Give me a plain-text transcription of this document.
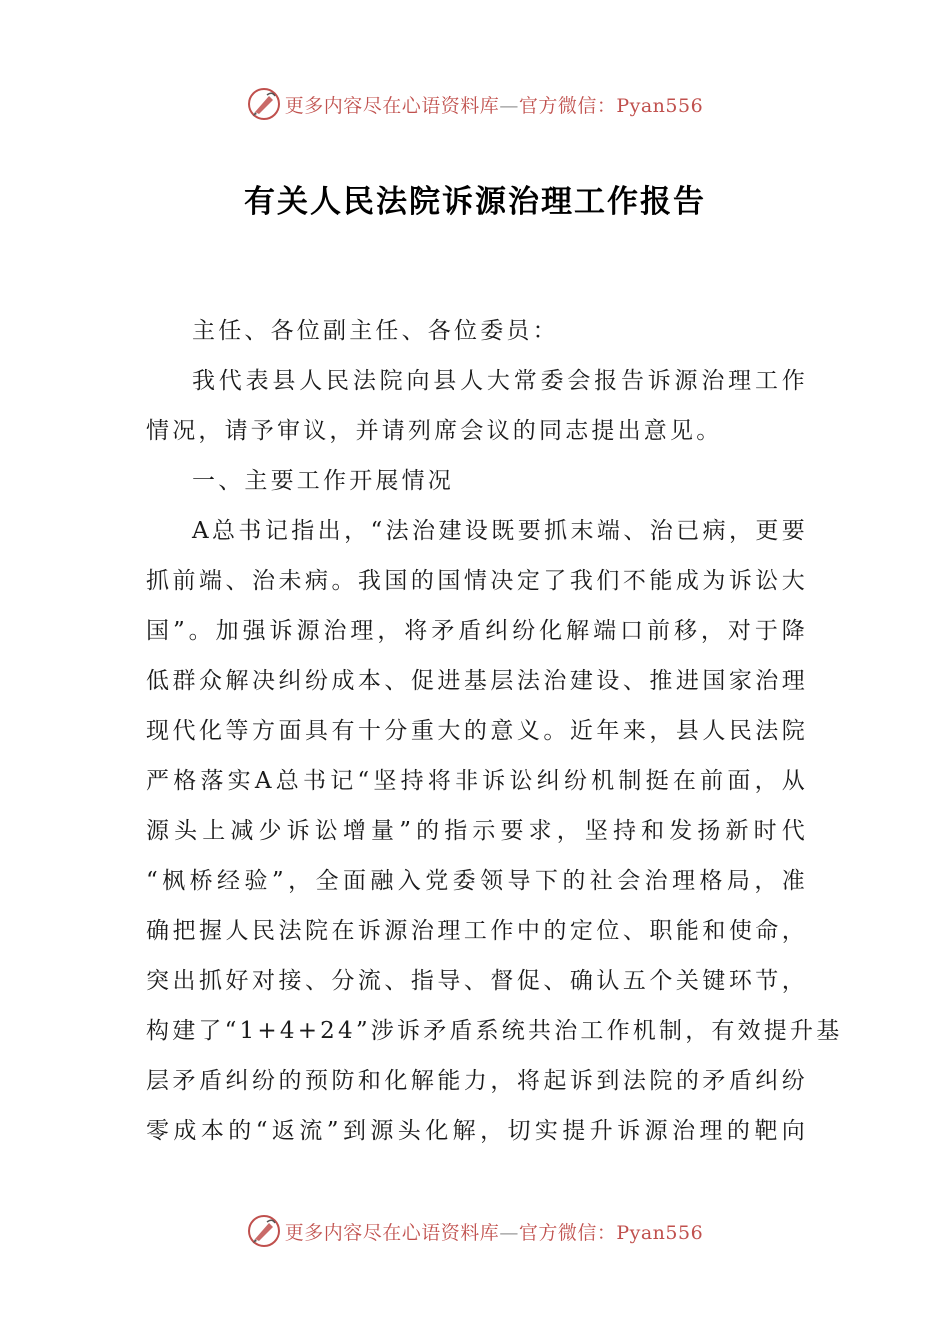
更多内容尽在心语资料库—官方微信：Pyan556
有关人民法院诉源治理工作报告
主任、各位副主任、各位委员：
我代表县人民法院向县人大常委会报告诉源治理工作
情况，请予审议，并请列席会议的同志提出意见。
一、主要工作开展情况
A总书记指出，“法治建设既要抓末端、治已病，更要
抓前端、治未病。我国的国情决定了我们不能成为诉讼大
国”。加强诉源治理，将矛盾纠纷化解端口前移，对于降
低群众解决纠纷成本、促进基层法治建设、推进国家治理
现代化等方面具有十分重大的意义。近年来，县人民法院
严格落实A总书记“坚持将非诉讼纠纷机制挺在前面，从
源头上减少诉讼增量”的指示要求，坚持和发扬新时代
“枫桥经验”，全面融入党委领导下的社会治理格局，准
确把握人民法院在诉源治理工作中的定位、职能和使命，
突出抓好对接、分流、指导、督促、确认五个关键环节，
构建了“1+4+24”涉诉矛盾系统共治工作机制，有效提升基
层矛盾纠纷的预防和化解能力，将起诉到法院的矛盾纠纷
零成本的“返流”到源头化解，切实提升诉源治理的靶向
更多内容尽在心语资料库—官方微信：Pyan556
